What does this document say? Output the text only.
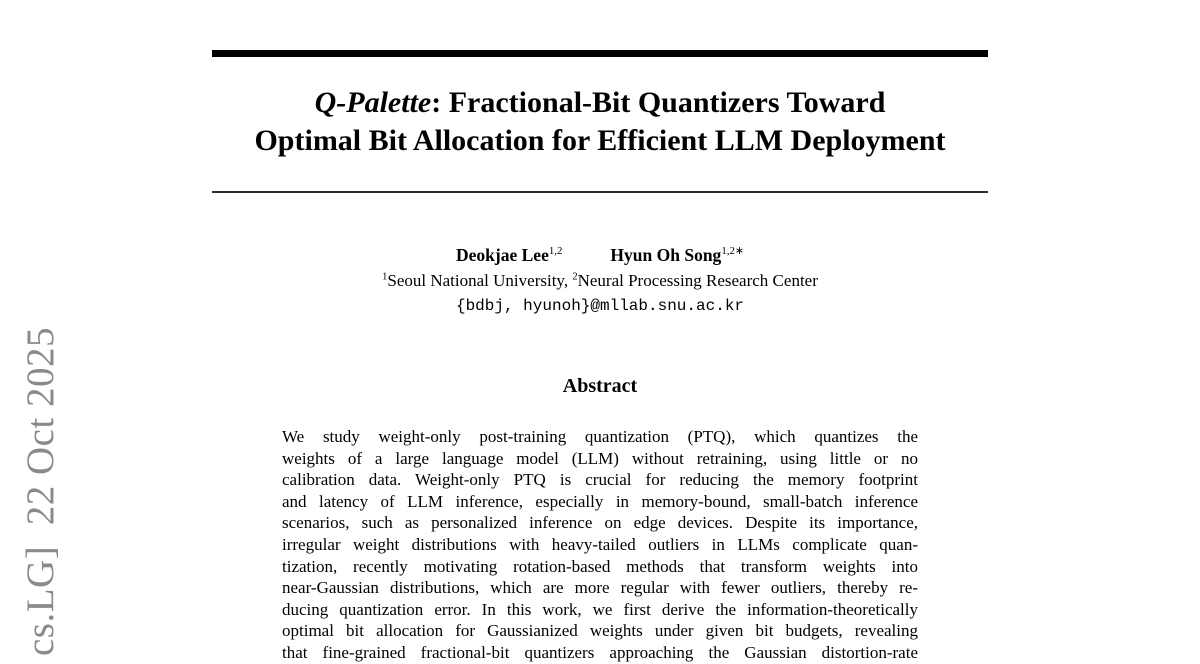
cs.LG]  22 Oct 2025
Q-Palette: Fractional-Bit Quantizers Toward
Optimal Bit Allocation for Efficient LLM Deployment
Deokjae Lee$^{1,2}$	Hyun Oh Song$^{1,2∗}$
$^1$Seoul National University, $^2$Neural Processing Research Center
{bdbj, hyunoh}@mllab.snu.ac.kr
Abstract
We study weight-only post-training quantization (PTQ), which quantizes the
weights of a large language model (LLM) without retraining, using little or no
calibration data. Weight-only PTQ is crucial for reducing the memory footprint
and latency of LLM inference, especially in memory-bound, small-batch inference
scenarios, such as personalized inference on edge devices. Despite its importance,
irregular weight distributions with heavy-tailed outliers in LLMs complicate quan-
tization, recently motivating rotation-based methods that transform weights into
near-Gaussian distributions, which are more regular with fewer outliers, thereby re-
ducing quantization error. In this work, we first derive the information-theoretically
optimal bit allocation for Gaussianized weights under given bit budgets, revealing
that fine-grained fractional-bit quantizers approaching the Gaussian distortion-rate
